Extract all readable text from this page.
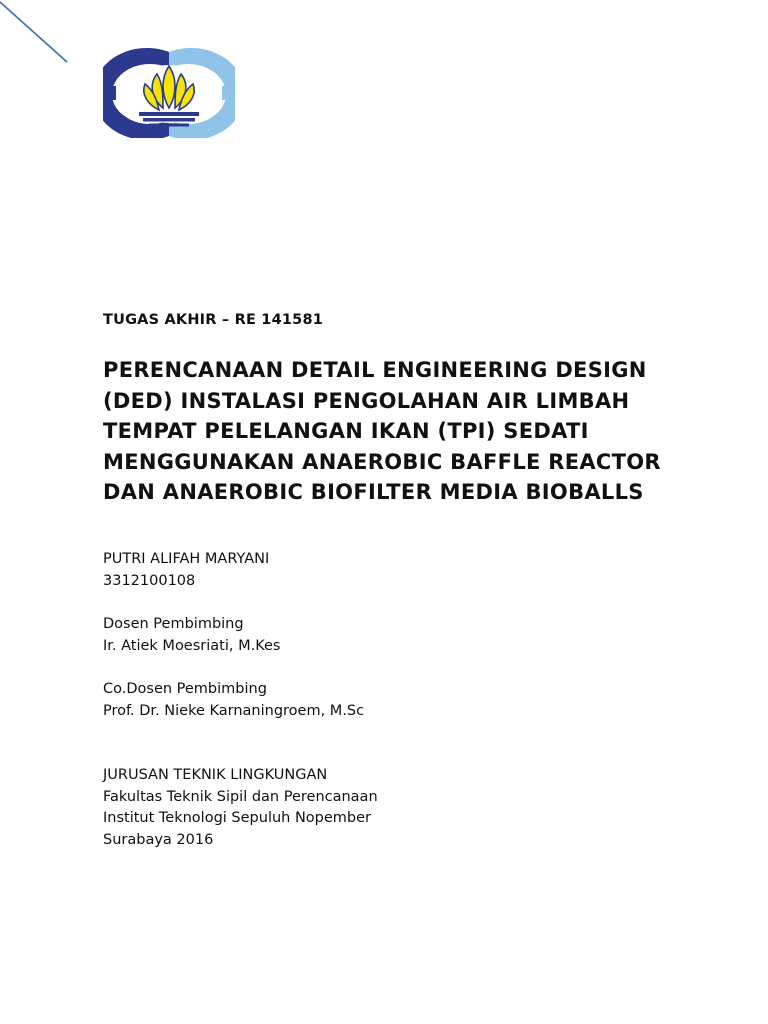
TUGAS AKHIR – RE 141581
PERENCANAAN DETAIL ENGINEERING DESIGN
(DED) INSTALASI PENGOLAHAN AIR LIMBAH
TEMPAT PELELANGAN IKAN (TPI) SEDATI
MENGGUNAKAN ANAEROBIC BAFFLE REACTOR
DAN ANAEROBIC BIOFILTER MEDIA BIOBALLS
PUTRI ALIFAH MARYANI
3312100108
Dosen Pembimbing
Ir. Atiek Moesriati, M.Kes
Co.Dosen Pembimbing
Prof. Dr. Nieke Karnaningroem, M.Sc
JURUSAN TEKNIK LINGKUNGAN
Fakultas Teknik Sipil dan Perencanaan
Institut Teknologi Sepuluh Nopember
Surabaya 2016
